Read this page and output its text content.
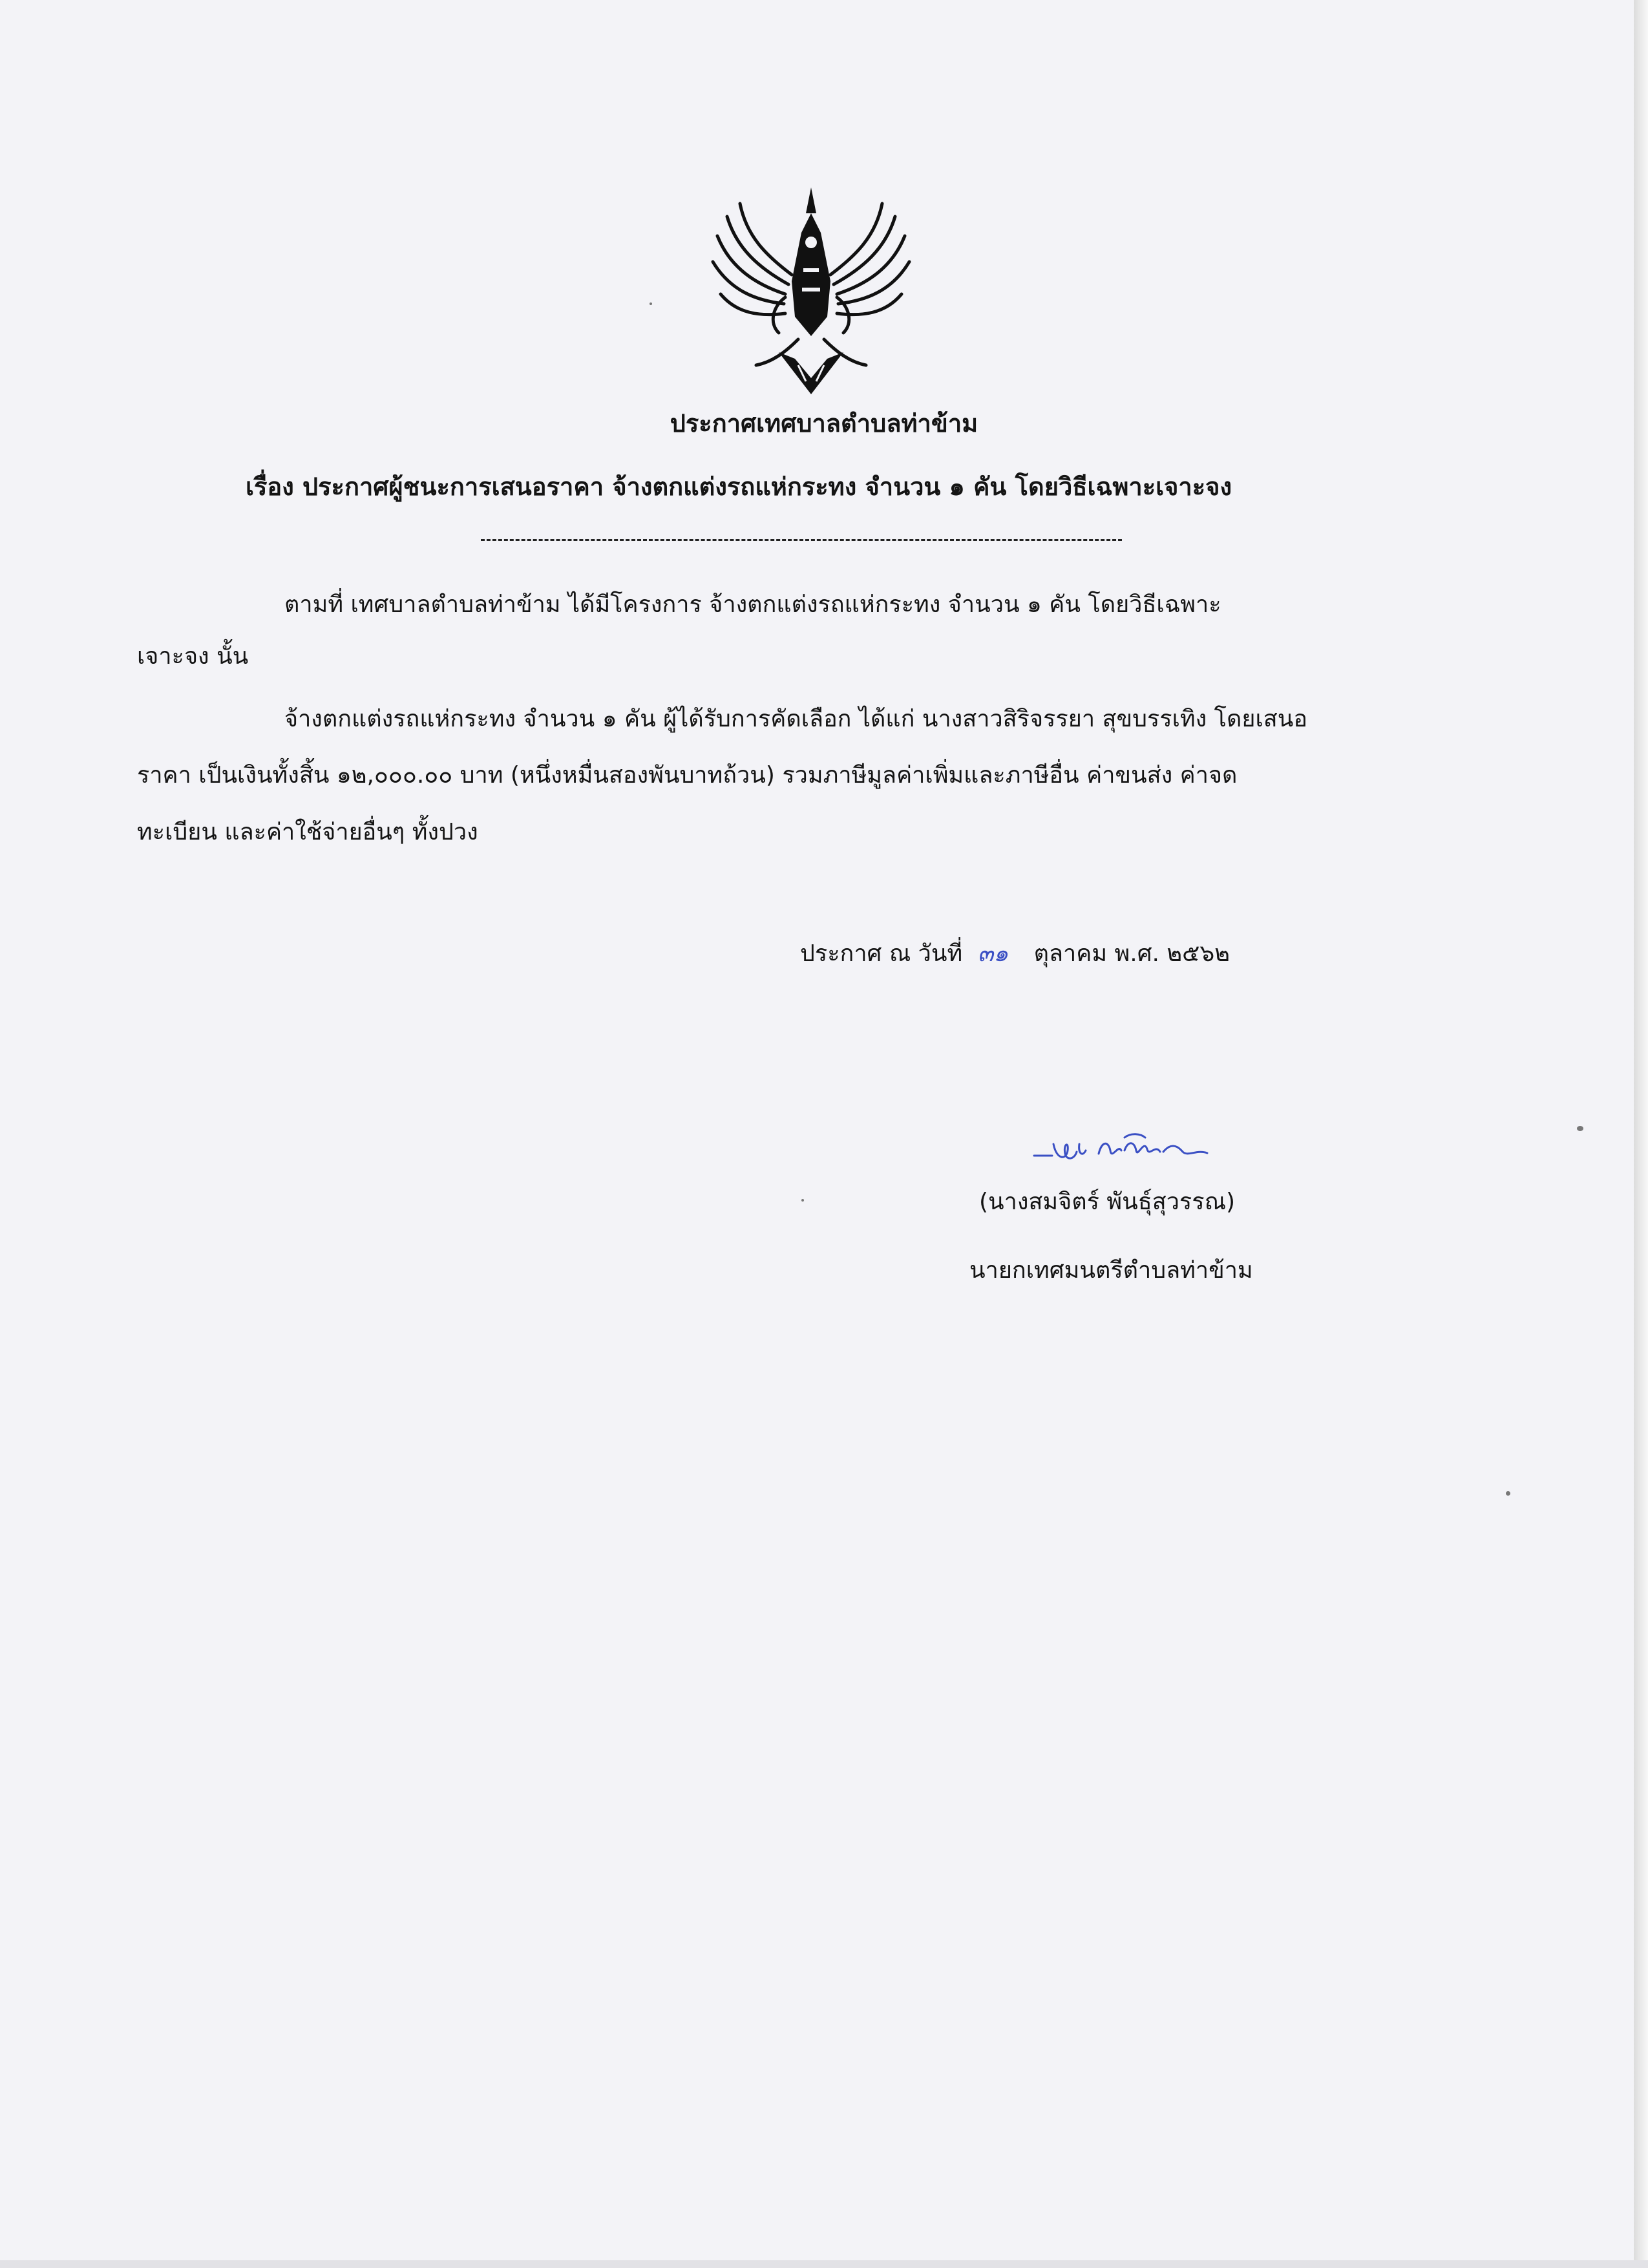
ประกาศเทศบาลตำบลท่าข้าม
เรื่อง ประกาศผู้ชนะการเสนอราคา จ้างตกแต่งรถแห่กระทง จำนวน ๑ คัน โดยวิธีเฉพาะเจาะจง
ตามที่ เทศบาลตำบลท่าข้าม ได้มีโครงการ จ้างตกแต่งรถแห่กระทง จำนวน ๑ คัน โดยวิธีเฉพาะ
เจาะจง นั้น
จ้างตกแต่งรถแห่กระทง จำนวน ๑ คัน ผู้ได้รับการคัดเลือก ได้แก่ นางสาวสิริจรรยา สุขบรรเทิง โดยเสนอ
ราคา เป็นเงินทั้งสิ้น ๑๒,๐๐๐.๐๐ บาท (หนึ่งหมื่นสองพันบาทถ้วน) รวมภาษีมูลค่าเพิ่มและภาษีอื่น ค่าขนส่ง ค่าจด
ทะเบียน และค่าใช้จ่ายอื่นๆ ทั้งปวง
ประกาศ ณ วันที่ ๓๑ ตุลาคม พ.ศ. ๒๕๖๒
(นางสมจิตร์ พันธุ์สุวรรณ)
นายกเทศมนตรีตำบลท่าข้าม
